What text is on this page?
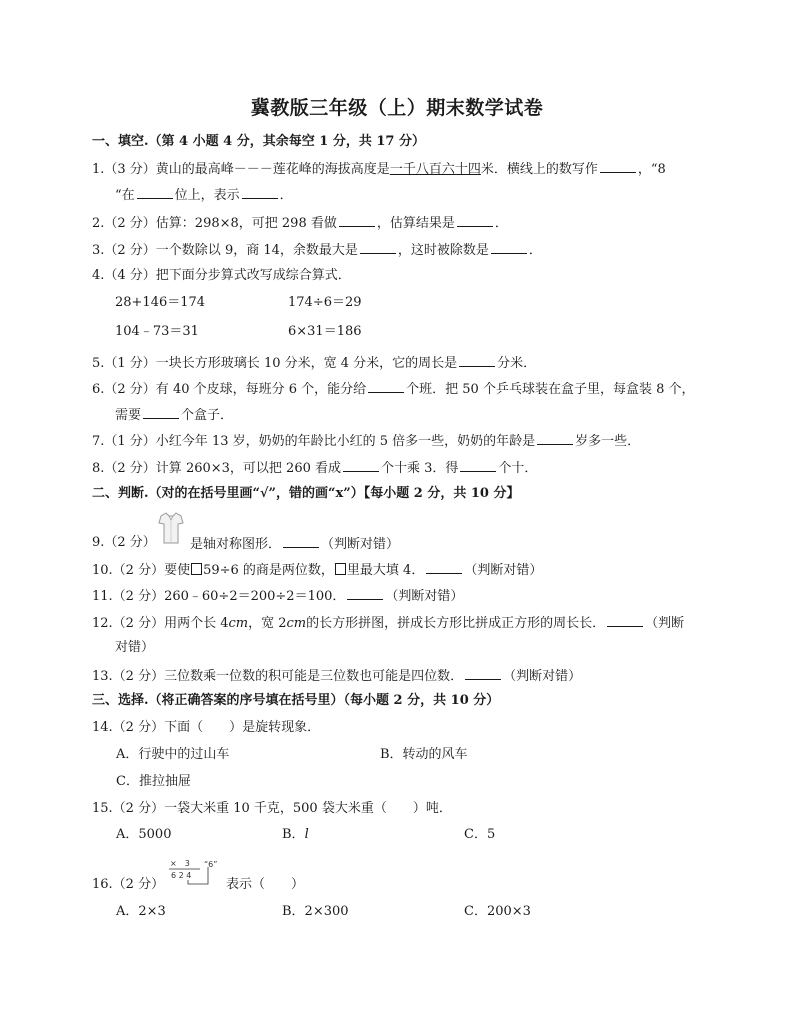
冀教版三年级（上）期末数学试卷
一、填空.（第 4 小题 4 分，其余每空 1 分，共 17 分）
1.（3 分）黄山的最高峰－－－莲花峰的海拔高度是一千八百六十四米．横线上的数写作	，“8
“在	位上，表示	．
2.（2 分）估算：298×8，可把 298 看做	，估算结果是	．
3.（2 分）一个数除以 9，商 14，余数最大是	，这时被除数是	．
4.（4 分）把下面分步算式改写成综合算式．
28+146＝174	174÷6＝29
104﹣73＝31	6×31＝186
5.（1 分）一块长方形玻璃长 10 分米，宽 4 分米，它的周长是	分米．
6.（2 分）有 40 个皮球，每班分 6 个，能分给	个班．把 50 个乒乓球装在盒子里，每盒装 8 个，
需要	个盒子．
7.（1 分）小红今年 13 岁，奶奶的年龄比小红的 5 倍多一些，奶奶的年龄是	岁多一些．
8.（2 分）计算 260×3，可以把 260 看成	个十乘 3．得	个十．
二、判断.（对的在括号里画“√”，错的画“x”）【每小题 2 分，共 10 分】
9.（2 分）	是轴对称图形．	（判断对错）
10.（2 分）要使 59÷6 的商是两位数， 里最大填 4．	（判断对错）
11.（2 分）260﹣60÷2＝200÷2＝100．	（判断对错）
12.（2 分）用两个长 4cm，宽 2cm的长方形拼图，拼成长方形比拼成正方形的周长长．	（判断
对错）
13.（2 分）三位数乘一位数的积可能是三位数也可能是四位数．	（判断对错）
三、选择.（将正确答案的序号填在括号里）（每小题 2 分，共 10 分）
14.（2 分）下面（　　）是旋转现象．
A．行驶中的过山车	B．转动的风车
C．推拉抽屉
15.（2 分）一袋大米重 10 千克，500 袋大米重（　　）吨．
A．5000	B．l	C．5
×　3
6 2 4
“6”
16.（2 分）	表示（　　）
A．2×3	B．2×300	C．200×3
